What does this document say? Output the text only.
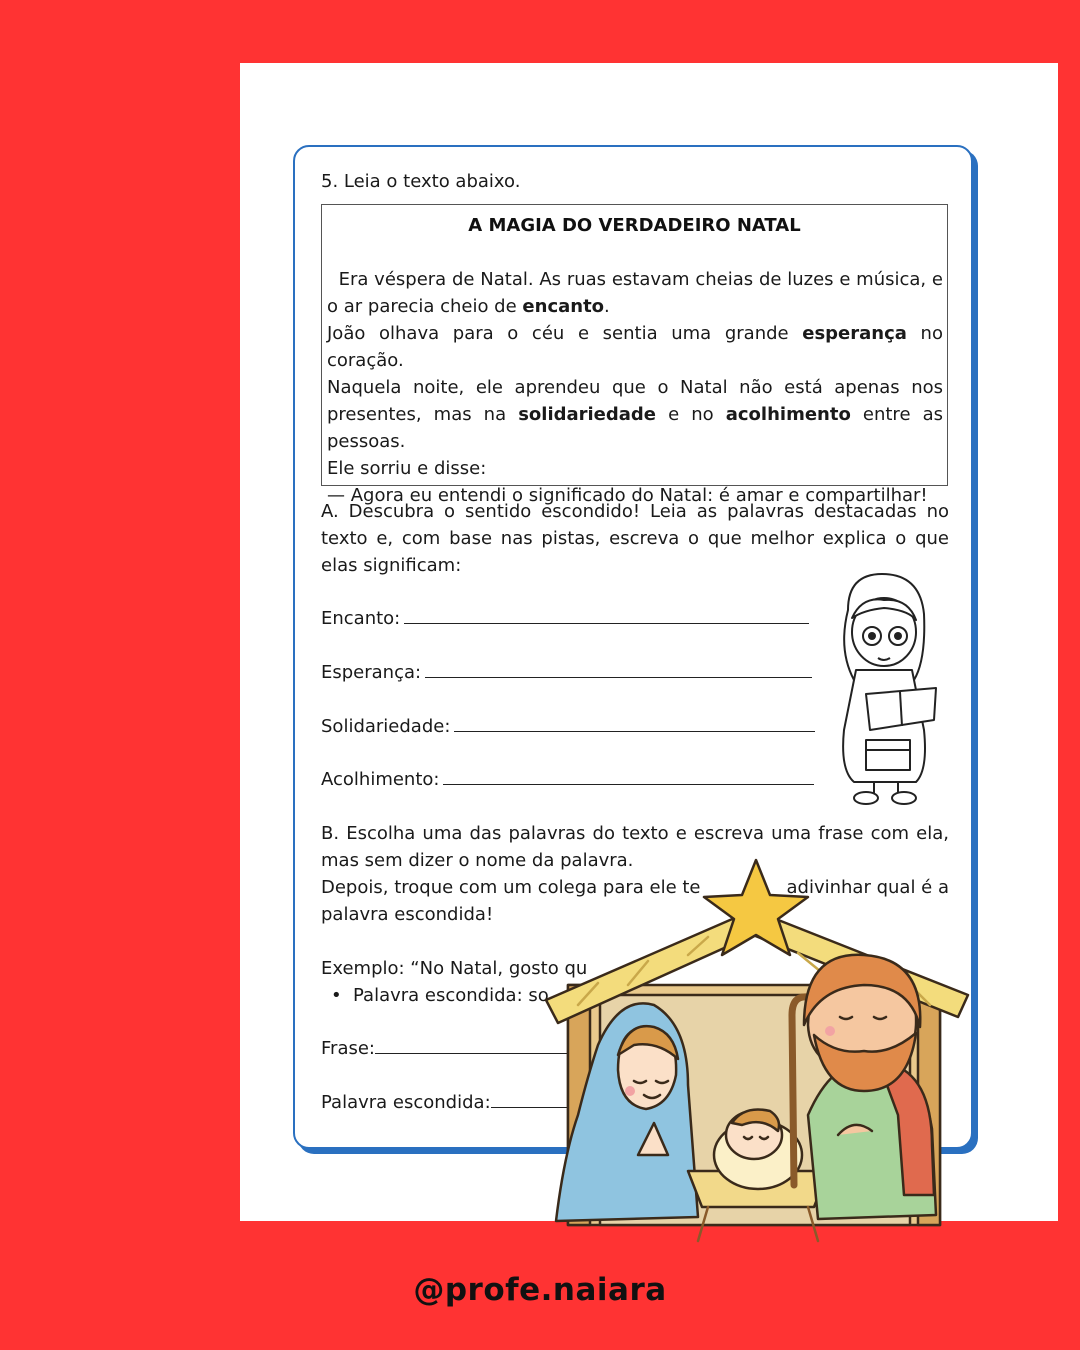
5. Leia o texto abaixo.
A MAGIA DO VERDADEIRO NATAL

Era véspera de Natal. As ruas estavam cheias de luzes e música, e o ar parecia cheio de encanto.

João olhava para o céu e sentia uma grande esperança no coração.

Naquela noite, ele aprendeu que o Natal não está apenas nos presentes, mas na solidariedade e no acolhimento entre as pessoas.

Ele sorriu e disse:

— Agora eu entendi o significado do Natal: é amar e compartilhar!

A. Descubra o sentido escondido! Leia as palavras destacadas no texto e, com base nas pistas, escreva o que melhor explica o que elas significam:
Encanto:
Esperança:
Solidariedade:
Acolhimento:
B. Escolha uma das palavras do texto e escreva uma frase com ela, mas sem dizer o nome da palavra.
Depois, troque com um colega para ele te	adivinhar qual é a
palavra escondida!
Exemplo: “No Natal, gosto qu
• Palavra escondida: so
Frase:
Palavra escondida:
@profe.naiara
